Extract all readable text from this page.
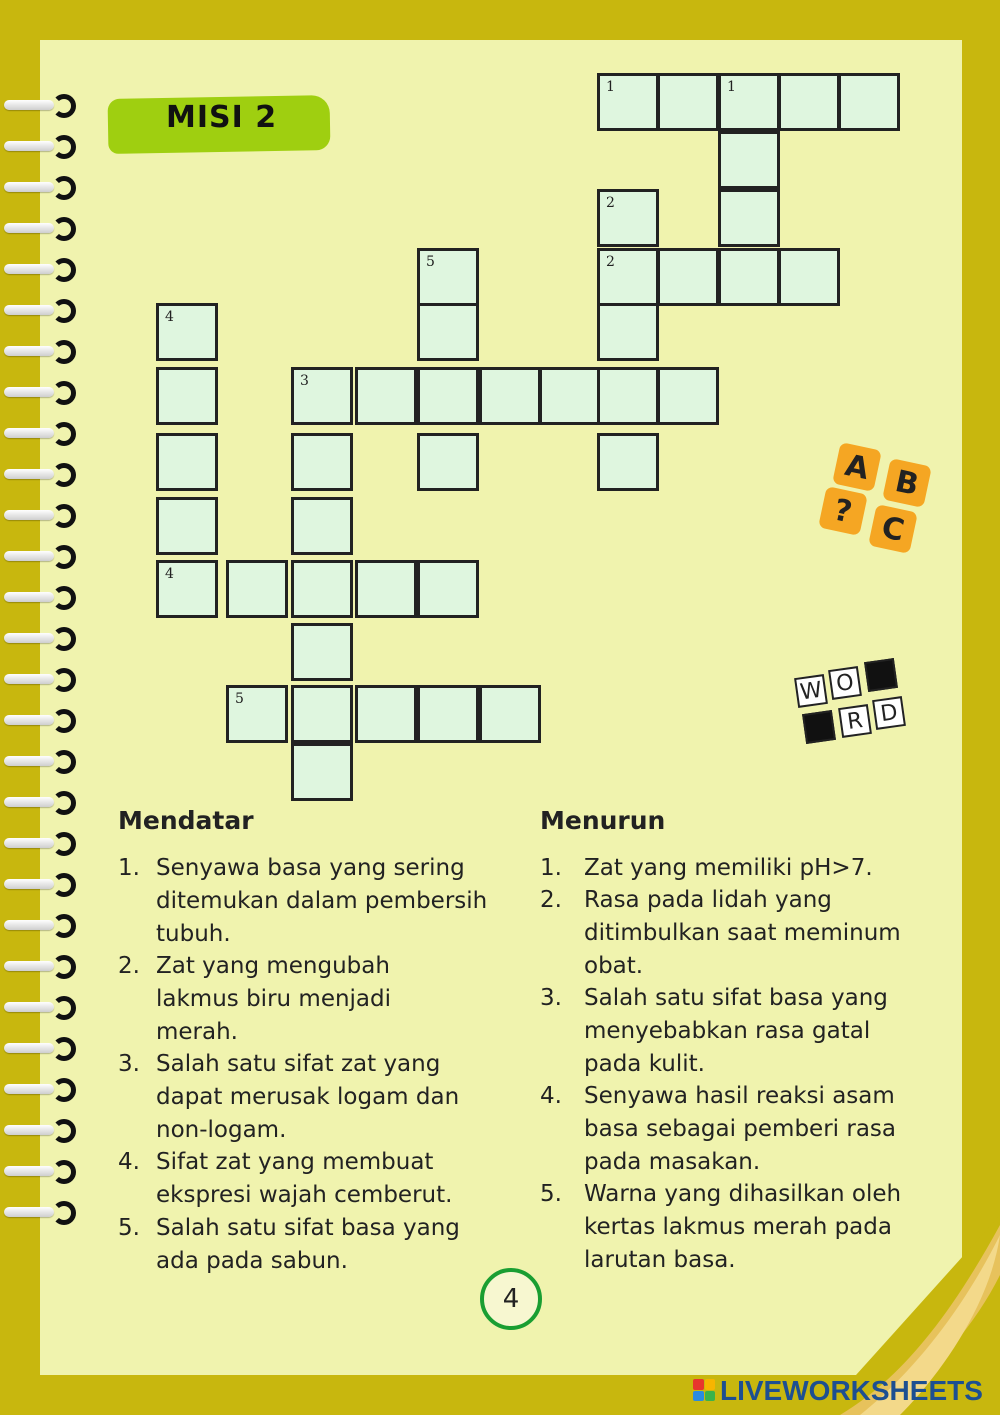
MISI 2
1	1
2
5	2
4
3
4
5
A B
? C
W O
R D
Mendatar	Menurun
1. Senyawa basa yang sering ditemukan dalam pembersih tubuh.
2. Zat yang mengubah lakmus biru menjadi merah.
3. Salah satu sifat zat yang dapat merusak logam dan non-logam.
4. Sifat zat yang membuat ekspresi wajah cemberut.
5. Salah satu sifat basa yang ada pada sabun.
1. Zat yang memiliki pH>7.
2. Rasa pada lidah yang ditimbulkan saat meminum obat.
3. Salah satu sifat basa yang menyebabkan rasa gatal pada kulit.
4. Senyawa hasil reaksi asam basa sebagai pemberi rasa pada masakan.
5. Warna yang dihasilkan oleh kertas lakmus merah pada larutan basa.
4
LIVEWORKSHEETS
